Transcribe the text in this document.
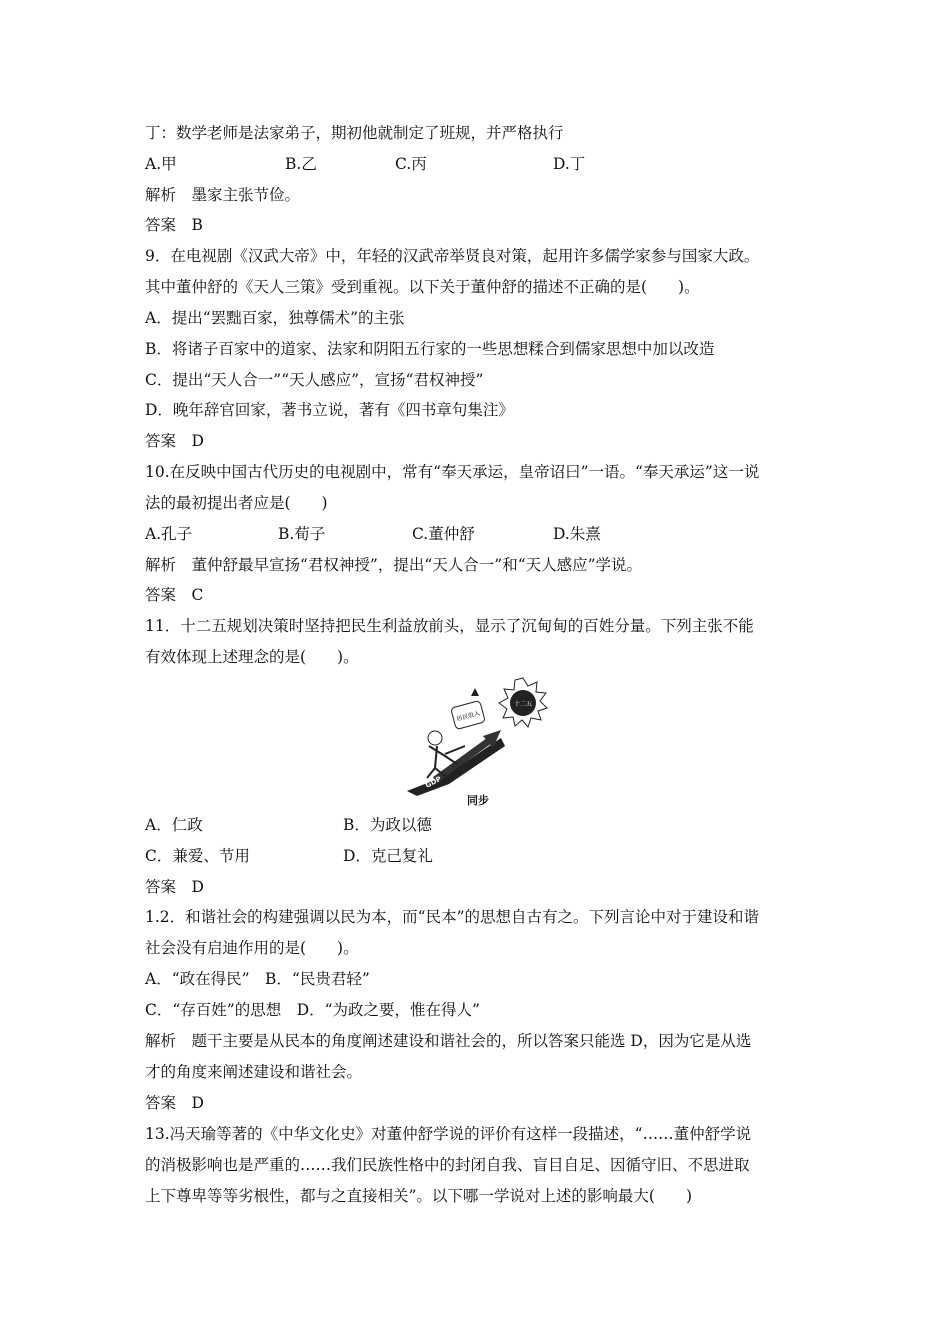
丁：数学老师是法家弟子，期初他就制定了班规，并严格执行
A.甲	B.乙	C.丙	D.丁
解析　墨家主张节俭。
答案　B
9．在电视剧《汉武大帝》中，年轻的汉武帝举贤良对策，起用许多儒学家参与国家大政。
其中董仲舒的《天人三策》受到重视。以下关于董仲舒的描述不正确的是(　　)。
A．提出“罢黜百家，独尊儒术”的主张
B．将诸子百家中的道家、法家和阴阳五行家的一些思想糅合到儒家思想中加以改造
C．提出“天人合一”“天人感应”，宣扬“君权神授”
D．晚年辞官回家，著书立说，著有《四书章句集注》
答案　D
10.在反映中国古代历史的电视剧中，常有“奉天承运，皇帝诏曰”一语。“奉天承运”这一说
法的最初提出者应是(　　)
A.孔子	B.荀子	C.董仲舒	D.朱熹
解析　董仲舒最早宣扬“君权神授”，提出“天人合一”和“天人感应”学说。
答案　C
11．十二五规划决策时坚持把民生利益放前头，显示了沉甸甸的百姓分量。下列主张不能
有效体现上述理念的是(　　)。
十二五
GDP
居民收入
同步
A．仁政	B．为政以德
C．兼爱、节用	D．克己复礼
答案　D
1.2．和谐社会的构建强调以民为本，而“民本”的思想自古有之。下列言论中对于建设和谐
社会没有启迪作用的是(　　)。
A．“政在得民”　B．“民贵君轻”
C．“存百姓”的思想　D．“为政之要，惟在得人”
解析　题干主要是从民本的角度阐述建设和谐社会的，所以答案只能选 D，因为它是从选
才的角度来阐述建设和谐社会。
答案　D
13.冯天瑜等著的《中华文化史》对董仲舒学说的评价有这样一段描述，“……董仲舒学说
的消极影响也是严重的……我们民族性格中的封闭自我、盲目自足、因循守旧、不思进取
上下尊卑等等劣根性，都与之直接相关”。以下哪一学说对上述的影响最大(　　)
